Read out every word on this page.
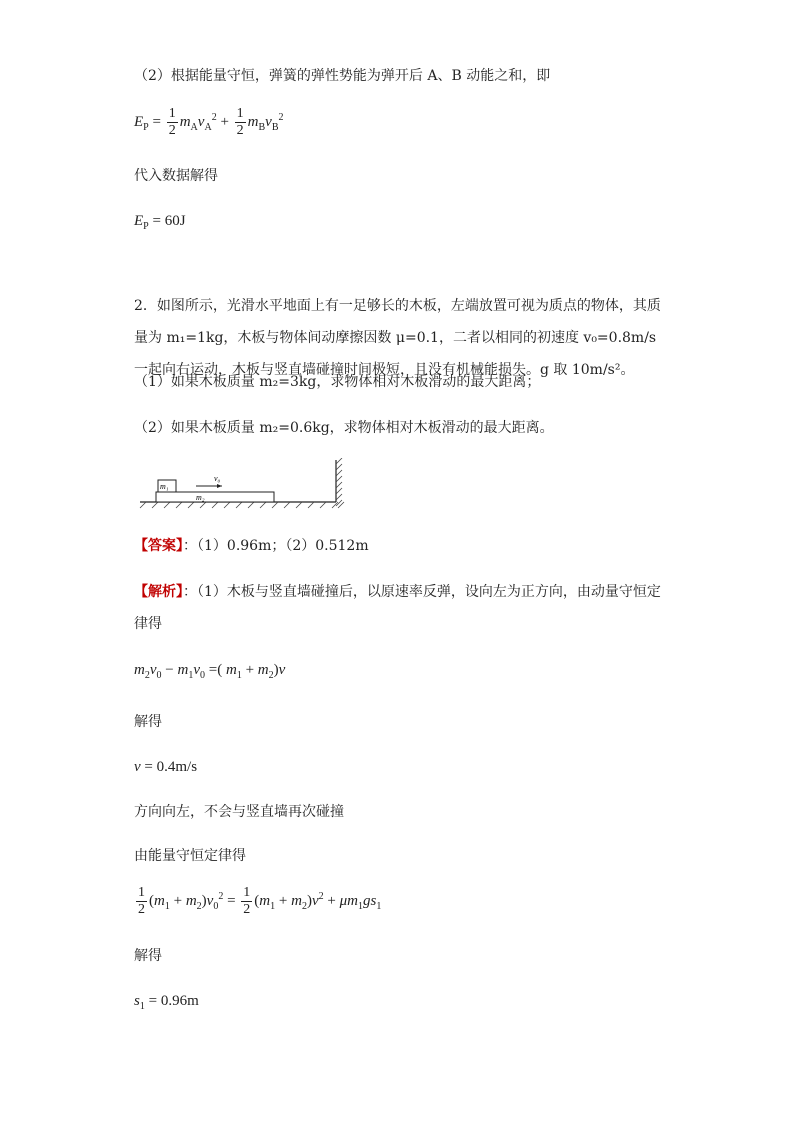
（2）根据能量守恒，弹簧的弹性势能为弹开后 A、B 动能之和，即
$E_P = \frac{1}{2} m_Av_A^2 + \frac{1}{2} m_Bv_B^2$
代入数据解得
$E_P = 60J$
2．如图所示，光滑水平地面上有一足够长的木板，左端放置可视为质点的物体，其质量为 m₁=1kg，木板与物体间动摩擦因数 μ=0.1，二者以相同的初速度 v₀=0.8m/s 一起向右运动，木板与竖直墙碰撞时间极短，且没有机械能损失。g 取 10m/s²。
（1）如果木板质量 m₂=3kg，求物体相对木板滑动的最大距离；
（2）如果木板质量 m₂=0.6kg，求物体相对木板滑动的最大距离。
m₂
m₁
v₀
【答案】：（1）0.96m；（2）0.512m
【解析】：（1）木板与竖直墙碰撞后，以原速率反弹，设向左为正方向，由动量守恒定律得
$m_2v_0 - m_1v_0$ =( $m_1 + m_2)v$
解得
v = 0.4m/s
方向向左，不会与竖直墙再次碰撞
由能量守恒定律得
$\frac{1}{2} (m_1 + m_2)v_0^2 = \frac{1}{2} (m_1 + m_2)v^2 + \mu m_1gs_1$
解得
$s_1 = 0.96m$
